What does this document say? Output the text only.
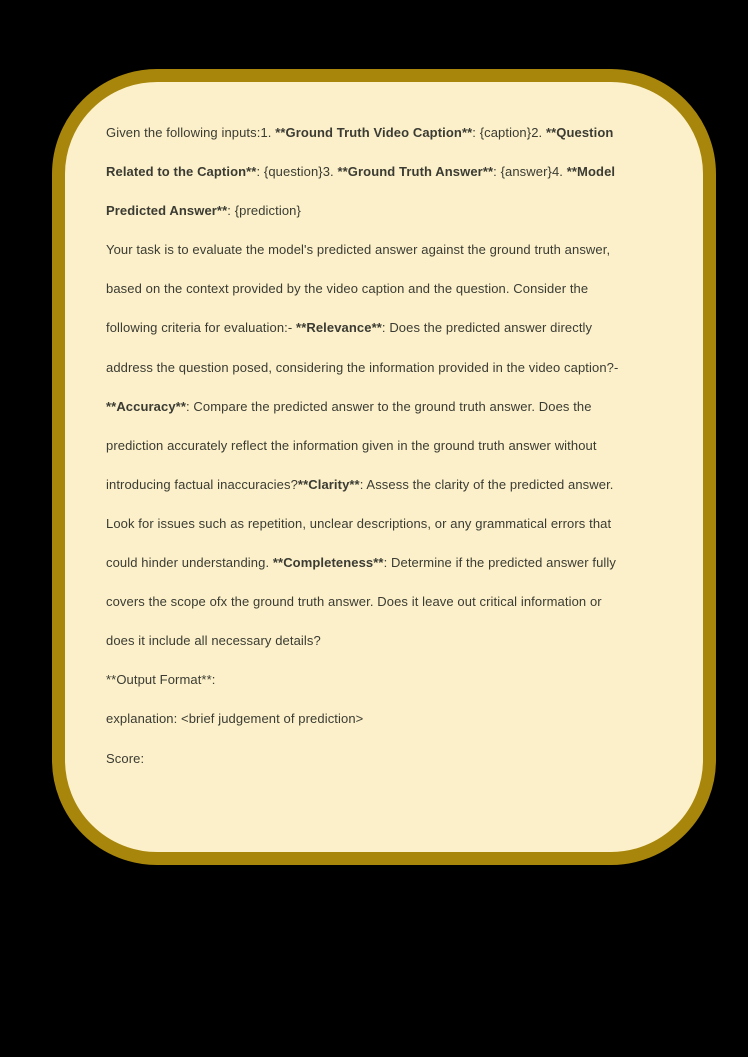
Given the following inputs:1. **Ground Truth Video Caption**: {caption}2. **Question
Related to the Caption**: {question}3. **Ground Truth Answer**: {answer}4. **Model
Predicted Answer**: {prediction}
Your task is to evaluate the model's predicted answer against the ground truth answer,
based on the context provided by the video caption and the question. Consider the
following criteria for evaluation:- **Relevance**: Does the predicted answer directly
address the question posed, considering the information provided in the video caption?-
**Accuracy**: Compare the predicted answer to the ground truth answer. Does the
prediction accurately reflect the information given in the ground truth answer without
introducing factual inaccuracies?**Clarity**: Assess the clarity of the predicted answer.
Look for issues such as repetition, unclear descriptions, or any grammatical errors that
could hinder understanding. **Completeness**: Determine if the predicted answer fully
covers the scope ofx the ground truth answer. Does it leave out critical information or
does it include all necessary details?
**Output Format**:
explanation: <brief judgement of prediction>
Score:
